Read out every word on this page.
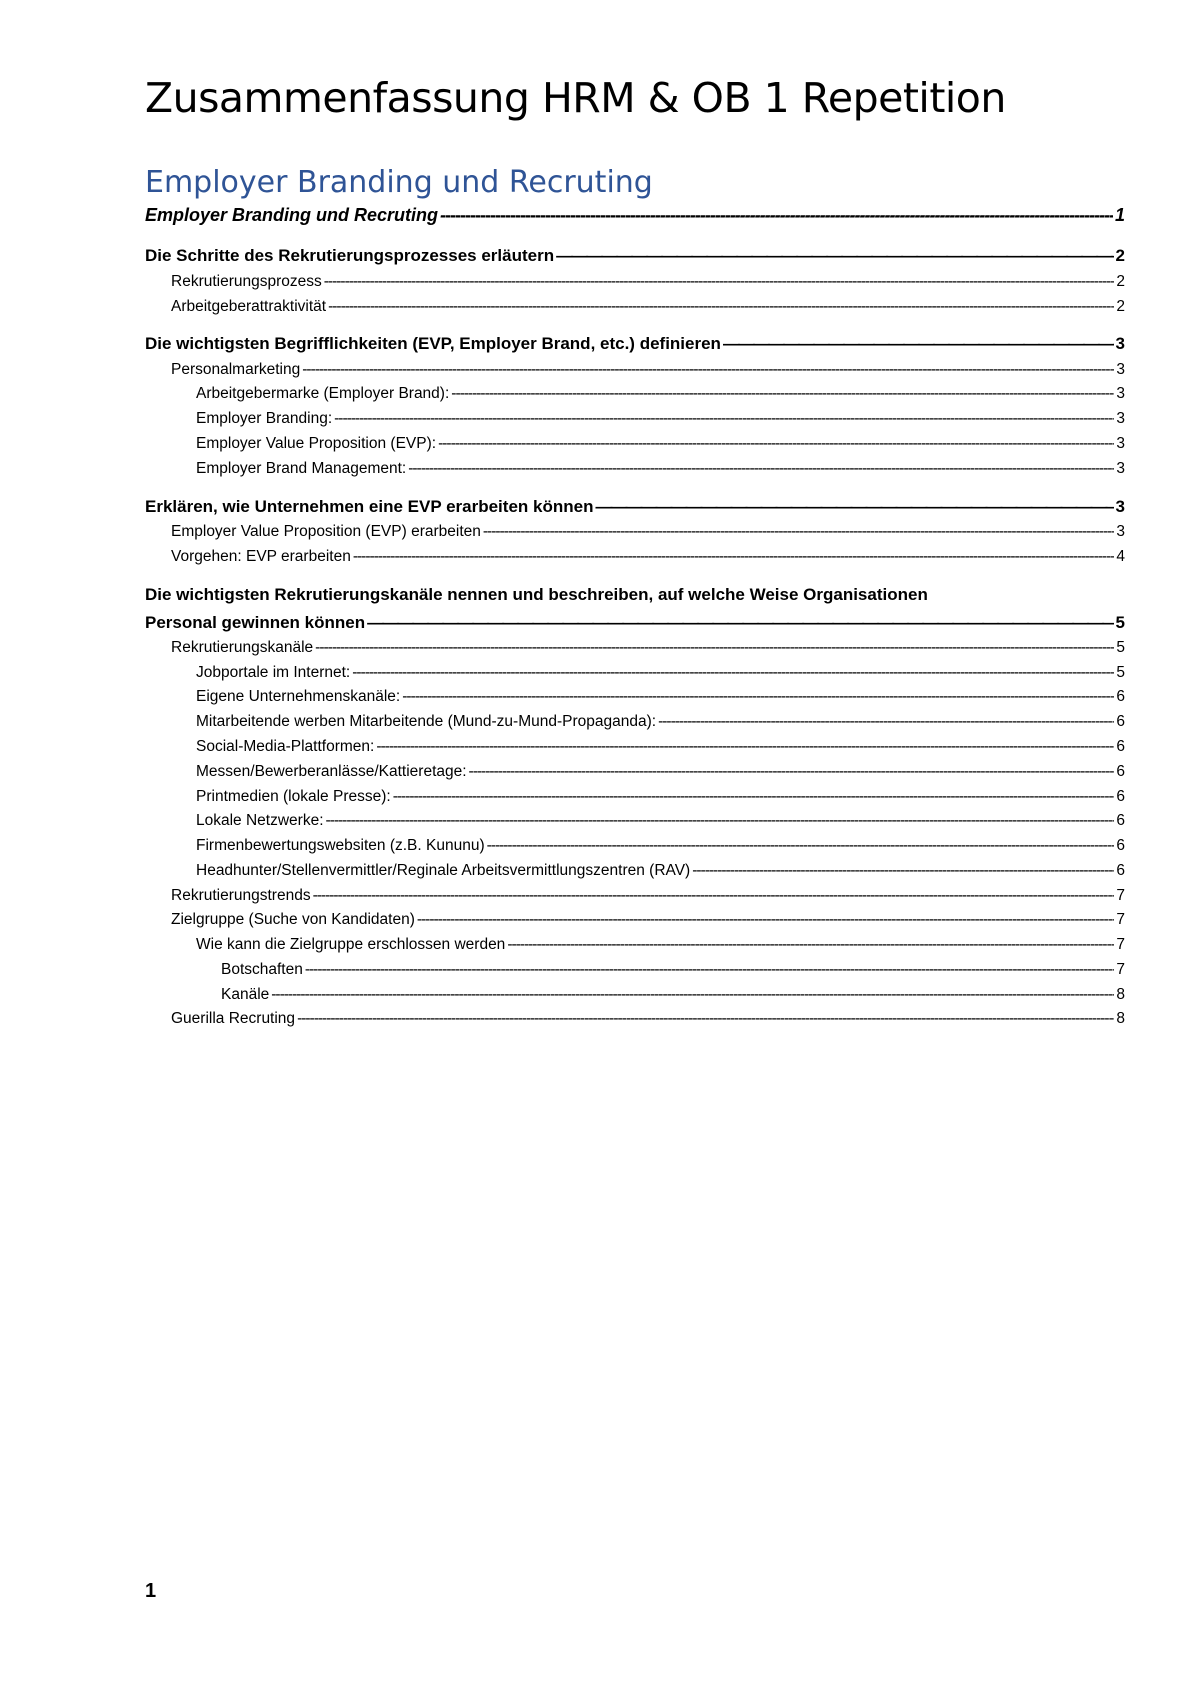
Zusammenfassung HRM & OB 1 Repetition
Employer Branding und Recruting
Employer Branding und Recruting -----	1
Die Schritte des Rekrutierungsprozesses erläutern —————	2
Rekrutierungsprozess -----	2
Arbeitgeberattraktivität -----	2
Die wichtigsten Begrifflichkeiten (EVP, Employer Brand, etc.) definieren —————	3
Personalmarketing -----	3
Arbeitgebermarke (Employer Brand): -----	3
Employer Branding: -----	3
Employer Value Proposition (EVP): -----	3
Employer Brand Management: -----	3
Erklären, wie Unternehmen eine EVP erarbeiten können —————	3
Employer Value Proposition (EVP) erarbeiten -----	3
Vorgehen: EVP erarbeiten -----	4
Die wichtigsten Rekrutierungskanäle nennen und beschreiben, auf welche Weise Organisationen
Personal gewinnen können —————	5
Rekrutierungskanäle -----	5
Jobportale im Internet: -----	5
Eigene Unternehmenskanäle: -----	6
Mitarbeitende werben Mitarbeitende (Mund-zu-Mund-Propaganda): -----	6
Social-Media-Plattformen: -----	6
Messen/Bewerberanlässe/Kattieretage: -----	6
Printmedien (lokale Presse): -----	6
Lokale Netzwerke: -----	6
Firmenbewertungswebsiten (z.B. Kununu) -----	6
Headhunter/Stellenvermittler/Reginale Arbeitsvermittlungszentren (RAV) -----	6
Rekrutierungstrends -----	7
Zielgruppe (Suche von Kandidaten) -----	7
Wie kann die Zielgruppe erschlossen werden -----	7
Botschaften -----	7
Kanäle -----	8
Guerilla Recruting -----	8
1
